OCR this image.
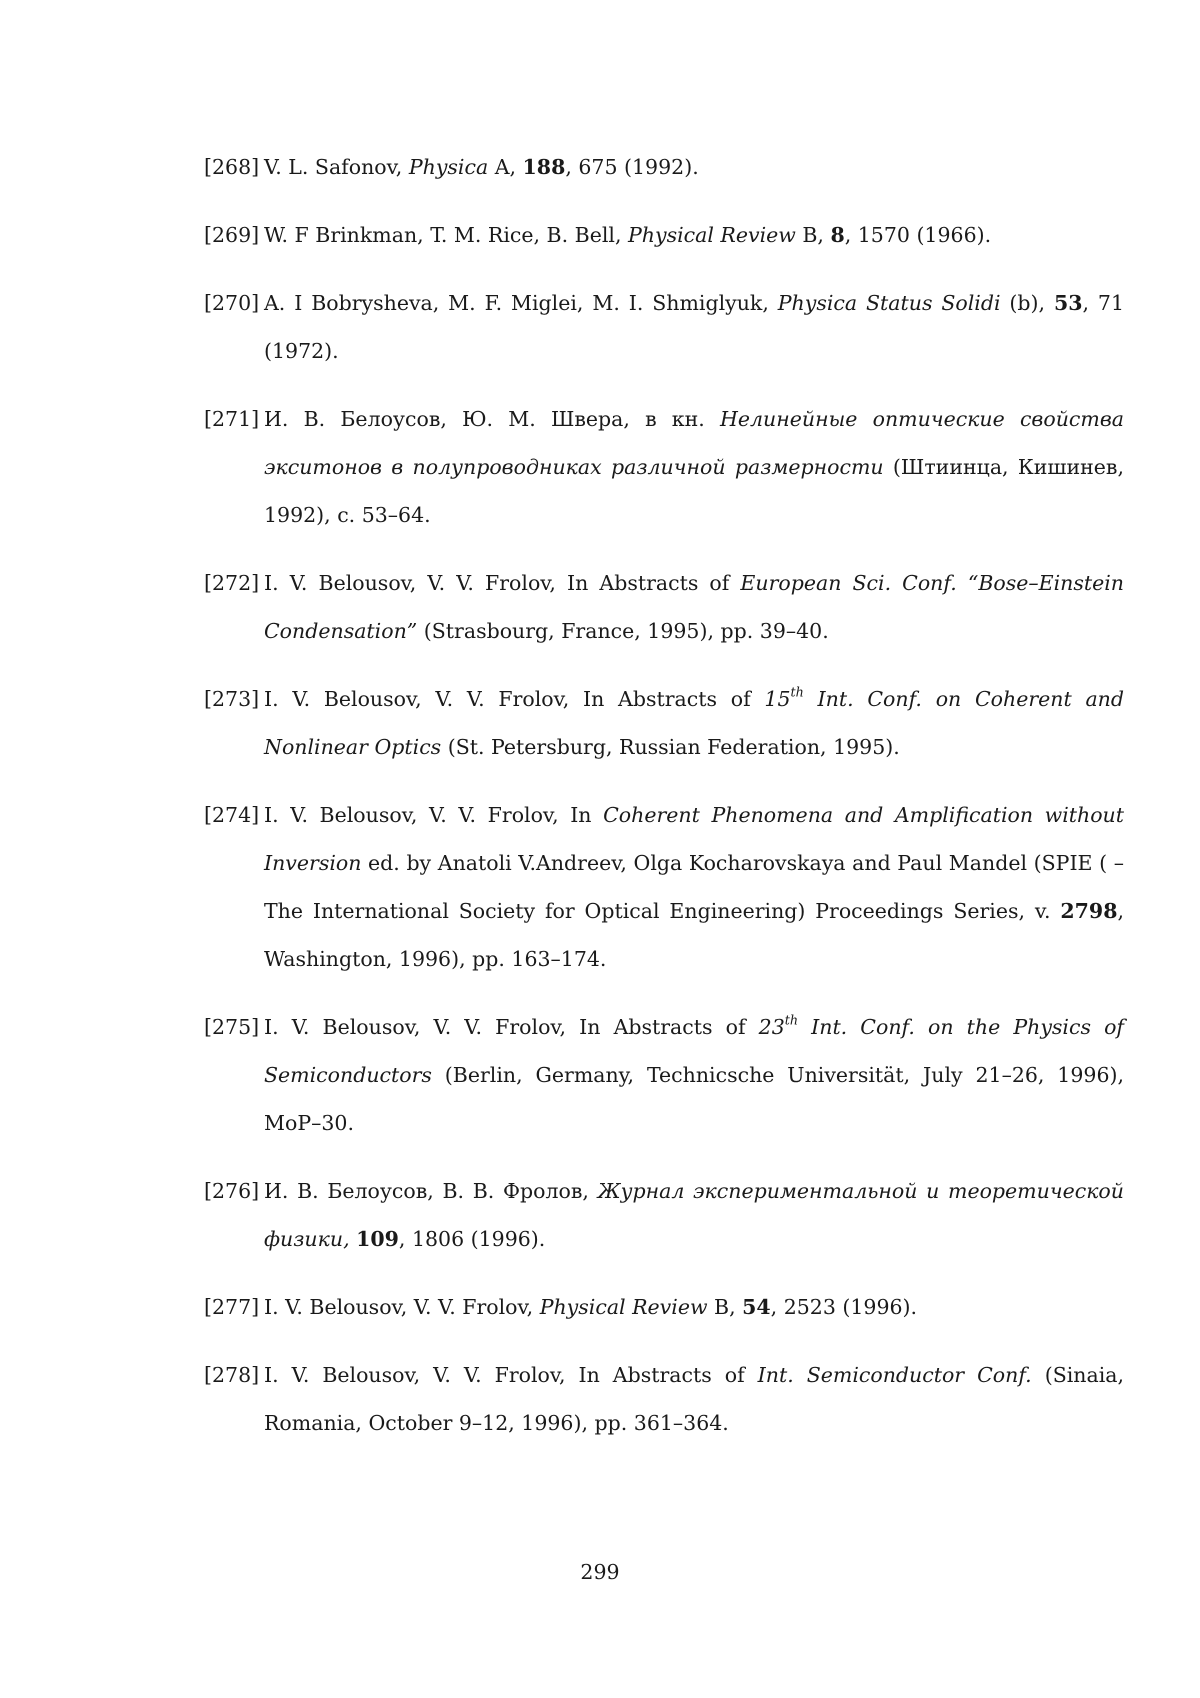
[268] V. L. Safonov, Physica A, 188, 675 (1992).
[269] W. F Brinkman, T. M. Rice, B. Bell, Physical Review B, 8, 1570 (1966).
[270] A. I Bobrysheva, M. F. Miglei, M. I. Shmiglyuk, Physica Status Solidi (b), 53, 71 (1972).
[271] И. В. Белоусов, Ю. М. Швера, в кн. Нелинейные оптические свойства экситонов в полупроводниках различной размерности (Штиинца, Кишинев, 1992), с. 53–64.
[272] I. V. Belousov, V. V. Frolov, In Abstracts of European Sci. Conf. “Bose–Einstein Condensation” (Strasbourg, France, 1995), pp. 39–40.
[273] I. V. Belousov, V. V. Frolov, In Abstracts of 15th Int. Conf. on Coherent and Nonlinear Optics (St. Petersburg, Russian Federation, 1995).
[274] I. V. Belousov, V. V. Frolov, In Coherent Phenomena and Amplification without Inversion ed. by Anatoli V.Andreev, Olga Kocharovskaya and Paul Mandel (SPIE ( – The International Society for Optical Engineering) Proceedings Series, v. 2798, Washington, 1996), pp. 163–174.
[275] I. V. Belousov, V. V. Frolov, In Abstracts of 23th Int. Conf. on the Physics of Semiconductors (Berlin, Germany, Technicsche Universität, July 21–26, 1996), MoP–30.
[276] И. В. Белоусов, В. В. Фролов, Журнал экспериментальной и теоретической физики, 109, 1806 (1996).
[277] I. V. Belousov, V. V. Frolov, Physical Review B, 54, 2523 (1996).
[278] I. V. Belousov, V. V. Frolov, In Abstracts of Int. Semiconductor Conf. (Sinaia, Romania, October 9–12, 1996), pp. 361–364.
299
